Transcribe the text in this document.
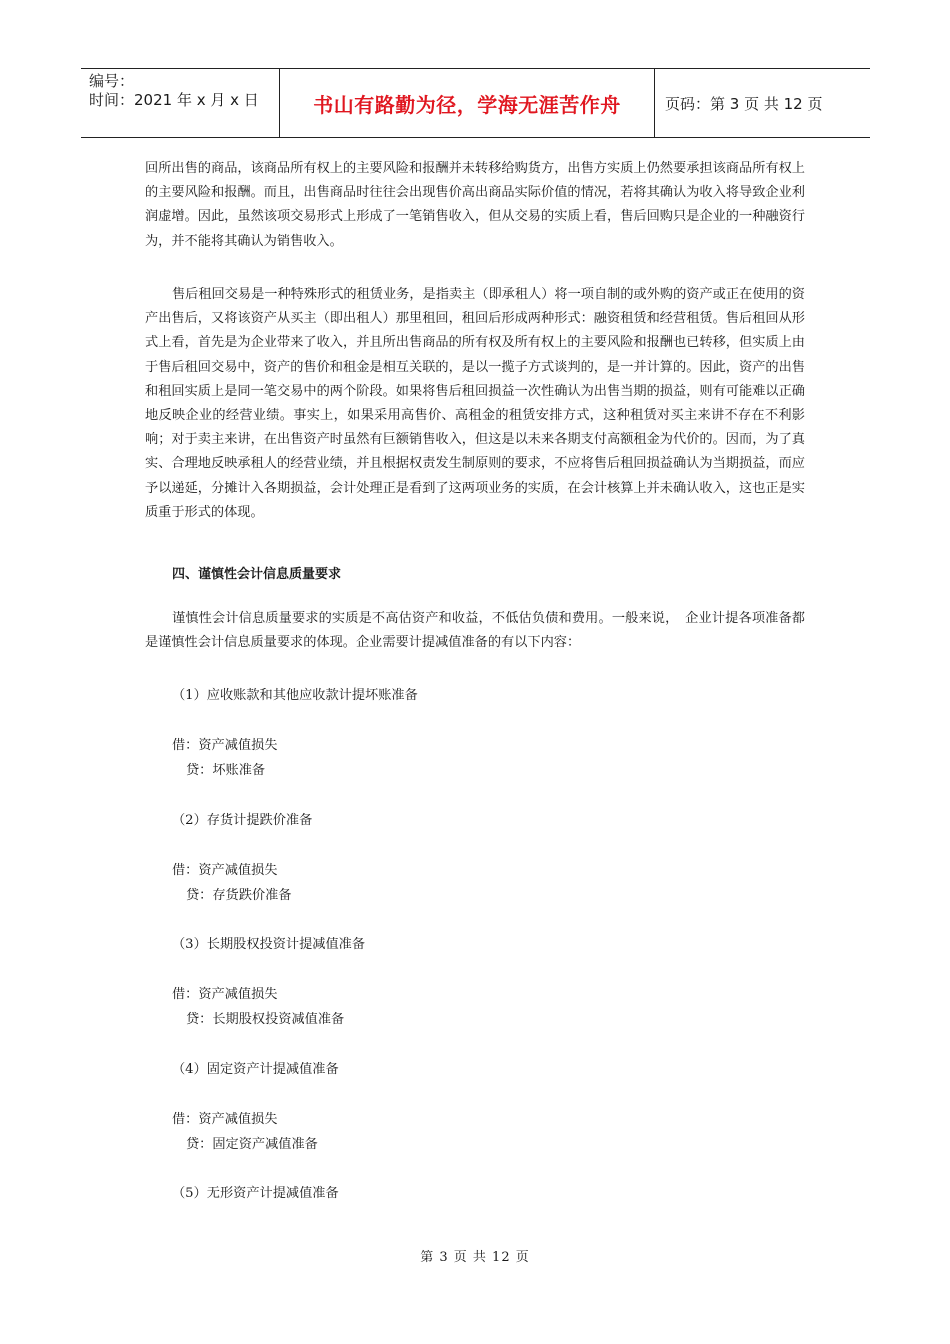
编号：
时间：2021 年 x 月 x 日	书山有路勤为径，学海无涯苦作舟	页码：第 3 页 共 12 页

回所出售的商品，该商品所有权上的主要风险和报酬并未转移给购货方，出售方实质上仍然要承担该商品所有权上的主要风险和报酬。而且，出售商品时往往会出现售价高出商品实际价值的情况，若将其确认为收入将导致企业利润虚增。因此，虽然该项交易形式上形成了一笔销售收入，但从交易的实质上看，售后回购只是企业的一种融资行为，并不能将其确认为销售收入。

售后租回交易是一种特殊形式的租赁业务，是指卖主（即承租人）将一项自制的或外购的资产或正在使用的资产出售后，又将该资产从买主（即出租人）那里租回，租回后形成两种形式：融资租赁和经营租赁。售后租回从形式上看，首先是为企业带来了收入，并且所出售商品的所有权及所有权上的主要风险和报酬也已转移，但实质上由于售后租回交易中，资产的售价和租金是相互关联的，是以一揽子方式谈判的，是一并计算的。因此，资产的出售和租回实质上是同一笔交易中的两个阶段。如果将售后租回损益一次性确认为出售当期的损益，则有可能难以正确地反映企业的经营业绩。事实上，如果采用高售价、高租金的租赁安排方式，这种租赁对买主来讲不存在不利影响；对于卖主来讲，在出售资产时虽然有巨额销售收入，但这是以未来各期支付高额租金为代价的。因而，为了真实、合理地反映承租人的经营业绩，并且根据权责发生制原则的要求，不应将售后租回损益确认为当期损益，而应予以递延，分摊计入各期损益，会计处理正是看到了这两项业务的实质，在会计核算上并未确认收入，这也正是实质重于形式的体现。

四、谨慎性会计信息质量要求

谨慎性会计信息质量要求的实质是不高估资产和收益，不低估负债和费用。一般来说，　企业计提各项准备都是谨慎性会计信息质量要求的体现。企业需要计提减值准备的有以下内容：

（1）应收账款和其他应收款计提坏账准备
借：资产减值损失
贷：坏账准备
（2）存货计提跌价准备
借：资产减值损失
贷：存货跌价准备
（3）长期股权投资计提减值准备
借：资产减值损失
贷：长期股权投资减值准备
（4）固定资产计提减值准备
借：资产减值损失
贷：固定资产减值准备
（5）无形资产计提减值准备
第 3 页 共 12 页
